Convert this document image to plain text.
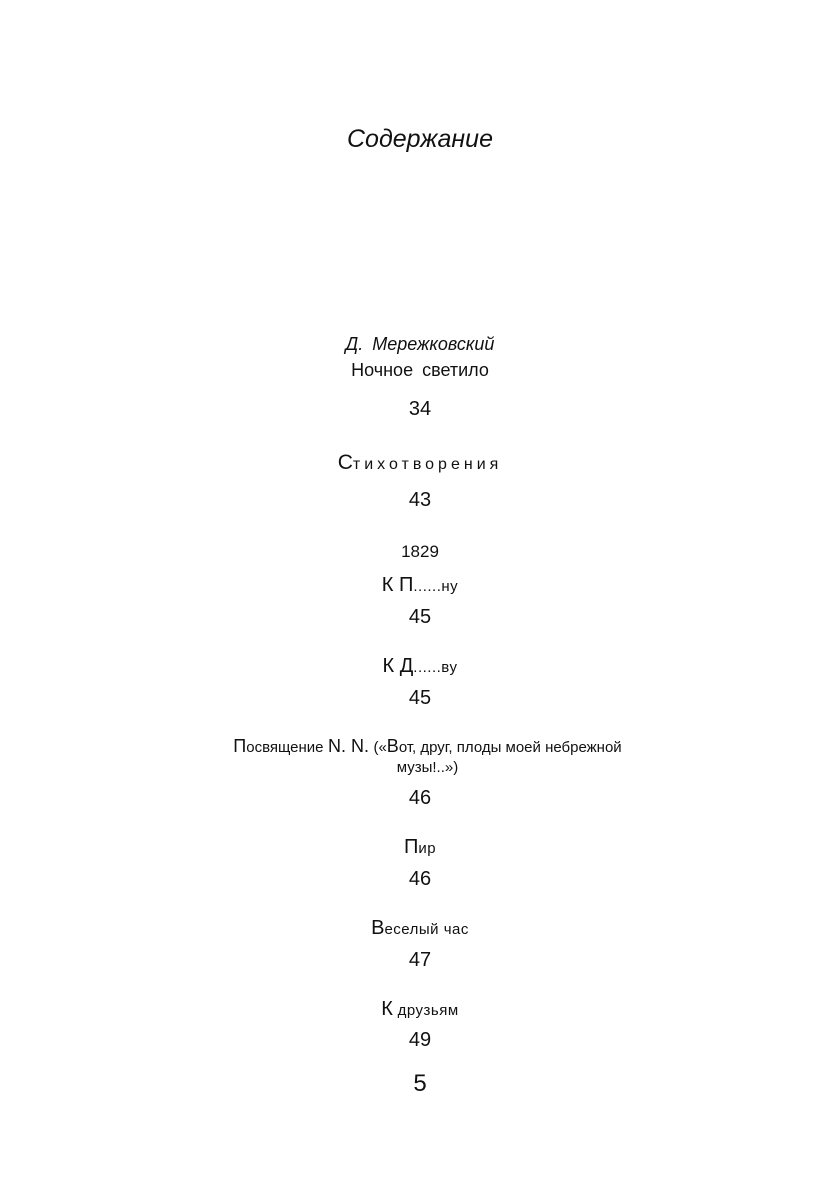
Содержание
Д. Мережковский
Ночное светило
34
Стихотворения
43
1829
К П......ну
45
К Д......ву
45
Посвящение N. N. («Вот, друг, плоды моей небрежной музы!..»)
46
Пир
46
Веселый час
47
К друзьям
49
5
